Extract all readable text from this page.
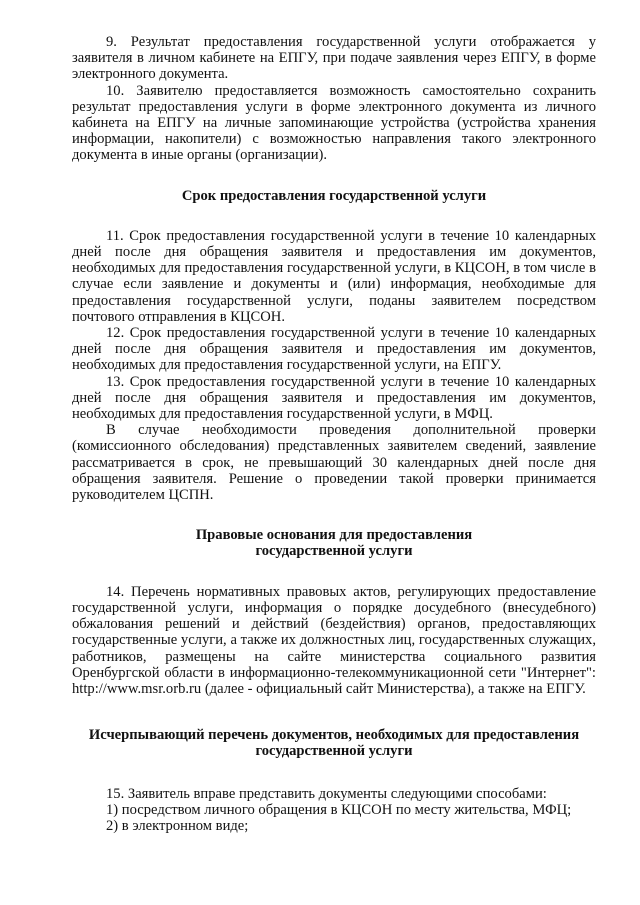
9. Результат предоставления государственной услуги отображается у заявителя в личном кабинете на ЕПГУ, при подаче заявления через ЕПГУ, в форме электронного документа.

10. Заявителю предоставляется возможность самостоятельно сохранить результат предоставления услуги в форме электронного документа из личного кабинета на ЕПГУ на личные запоминающие устройства (устройства хранения информации, накопители) с возможностью направления такого электронного документа в иные органы (организации).

Срок предоставления государственной услуги

11. Срок предоставления государственной услуги в течение 10 календарных дней после дня обращения заявителя и предоставления им документов, необходимых для предоставления государственной услуги, в КЦСОН, в том числе в случае если заявление и документы и (или) информация, необходимые для предоставления государственной услуги, поданы заявителем посредством почтового отправления в КЦСОН.

12. Срок предоставления государственной услуги в течение 10 календарных дней после дня обращения заявителя и предоставления им документов, необходимых для предоставления государственной услуги, на ЕПГУ.

13. Срок предоставления государственной услуги в течение 10 календарных дней после дня обращения заявителя и предоставления им документов, необходимых для предоставления государственной услуги, в МФЦ.

В случае необходимости проведения дополнительной проверки (комиссионного обследования) представленных заявителем сведений, заявление рассматривается в срок, не превышающий 30 календарных дней после дня обращения заявителя. Решение о проведении такой проверки принимается руководителем ЦСПН.

Правовые основания для предоставления

государственной услуги

14. Перечень нормативных правовых актов, регулирующих предоставление государственной услуги, информация о порядке досудебного (внесудебного) обжалования решений и действий (бездействия) органов, предоставляющих государственные услуги, а также их должностных лиц, государственных служащих, работников, размещены на сайте министерства социального развития Оренбургской области в информационно-телекоммуникационной сети "Интернет": http://www.msr.orb.ru (далее - официальный сайт Министерства), а также на ЕПГУ.

Исчерпывающий перечень документов, необходимых для предоставления

государственной услуги

15. Заявитель вправе представить документы следующими способами:

1) посредством личного обращения в КЦСОН по месту жительства, МФЦ;

2) в электронном виде;
